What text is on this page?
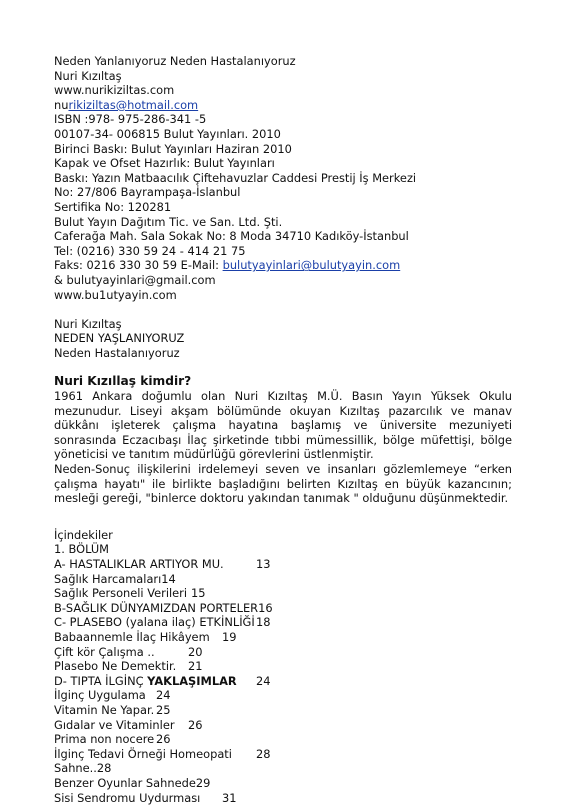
Neden Yanlanıyoruz Neden Hastalanıyoruz
Nuri Kızıltaş
www.nurikiziltas.com
nurikiziltas@hotmail.com
ISBN :978- 975-286-341 -5
00107-34- 006815 Bulut Yayınları. 2010
Birinci Baskı: Bulut Yayınları Haziran 2010
Kapak ve Ofset Hazırlık: Bulut Yayınları
Baskı: Yazın Matbaacılık Çiftehavuzlar Caddesi Prestij İş Merkezi
No: 27/806 Bayrampaşa-İslanbul
Sertifika No: 120281
Bulut Yayın Dağıtım Tic. ve San. Ltd. Şti.
Caferağa Mah. Sala Sokak No: 8 Moda 34710 Kadıköy-İstanbul
Tel: (0216) 330 59 24 - 414 21 75
Faks: 0216 330 30 59 E-Mail: bulutyayinlari@bulutyayin.com
& bulutyayinlari@gmail.com
www.bu1utyayin.com
Nuri Kızıltaş
NEDEN YAŞLANIYORUZ
Neden Hastalanıyoruz
Nuri Kızıllaş kimdir?
1961 Ankara doğumlu olan Nuri Kızıltaş M.Ü. Basın Yayın Yüksek Okulu mezunudur. Liseyi akşam bölümünde okuyan Kızıltaş pazarcılık ve manav dükkânı işleterek çalışma hayatına başlamış ve üniversite mezuniyeti sonrasında Eczacıbaşı İlaç şirketinde tıbbi mümessillik, bölge müfettişi, bölge yöneticisi ve tanıtım müdürlüğü görevlerini üstlenmiştir.
Neden-Sonuç ilişkilerini irdelemeyi seven ve insanları gözlemlemeye “erken çalışma hayatı" ile birlikte başladığını belirten Kızıltaş en büyük kazancının; mesleği gereği, "binlerce doktoru yakından tanımak " olduğunu düşünmektedir.
İçindekiler
1. BÖLÜM
A- HASTALIKLAR ARTIYOR MU.	13
Sağlık Harcamaları14
Sağlık Personeli Verileri 15
B-SAĞLIK DÜNYAMIZDAN PORTELER16
C- PLASEBO (yalana ilaç) ETKİNLİĞİ 18
Babaannemle İlaç Hikâyem 19
Çift kör Çalışma ..	20
Plasebo Ne Demektir. 21
D- TIPTA İLGİNÇ YAKLAŞIMLAR 24
İlginç Uygulama 24
Vitamin Ne Yapar. 25
Gıdalar ve Vitaminler 26
Prima non nocere 26
İlginç Tedavi Örneği Homeopati 28
Sahne..28
Benzer Oyunlar Sahnede29
Sisi Sendromu Uydurması 31
